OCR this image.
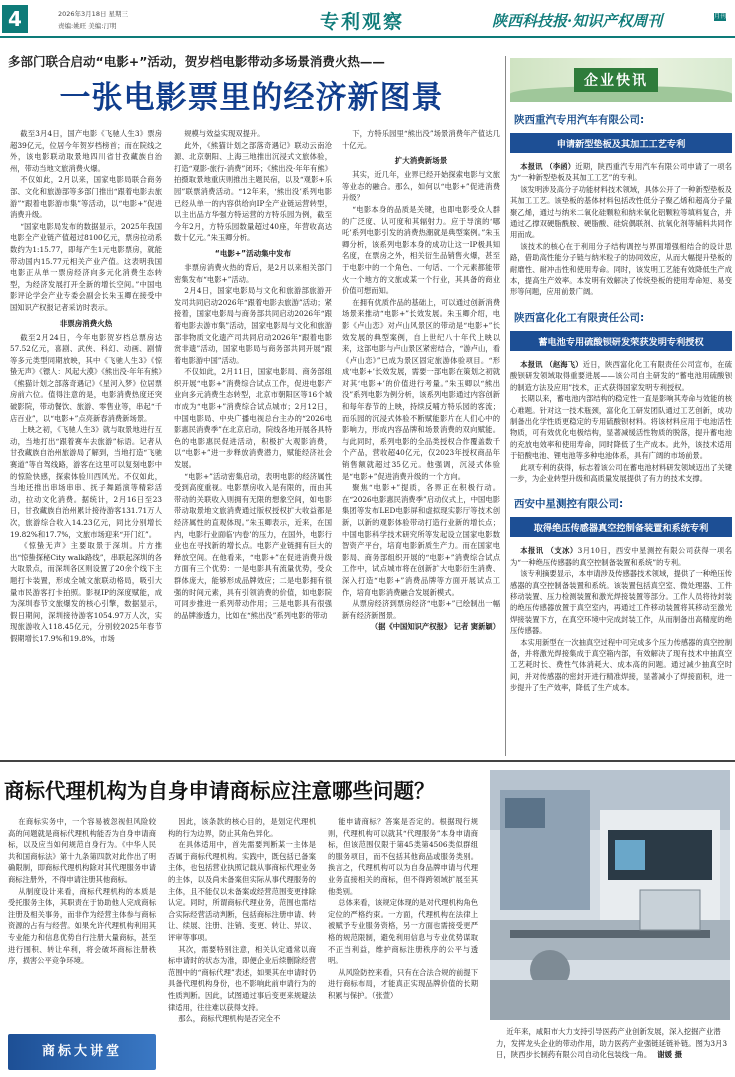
4	2026年3月18日 星期三
责编:姚旺 美编:汀明	专利观察	陕西科技报·知识产权周刊	月刊
多部门联合启动“电影+”活动，贺岁档电影带动多场景消费火热——
一张电影票里的经济新图景

截至3月4日，国产电影《飞驰人生3》票房超39亿元，位居今年贺岁档榜首；而在院线之外，该电影联动取景地四川省甘孜藏族自治州，带动当地文旅消费火爆。

不仅如此，2月以来，国家电影局联合商务部、文化和旅游部等多部门推出“跟着电影去旅游”“跟着电影游市集”等活动，以“电影+”促进消费升级。

“国家电影局发布的数据显示，2025年我国电影全产业链产值超过8100亿元，票房拉动系数约为1:15.77，即每产生1元电影票房，就能带动国内15.77元相关产业产值。这表明我国电影正从单一票房经济向多元化消费生态转型，为经济发展打开全新的增长空间。”中国电影评论学会产业专委会副会长朱玉卿在接受中国知识产权报记者采访时表示。

非票房消费火热

截至2月24日，今年电影贺岁档总票房达57.52亿元，喜剧、武侠、科幻、动画、剧情等多元类型同期放映，其中《飞驰人生3》《惊蛰无声》《镖人：风起大漠》《熊出没·年年有熊》《熊猫计划之部落奇遇记》《星河入梦》位居票房前六位。值得注意的是，电影消费热度还突破影院，带动餐饮、旅游、零售业等，串起“千店百业”，以“电影+”点亮新春消费新场景。

上映之初，《飞驰人生3》就与取景地进行互动，当地打出“跟着赛车去旅游”标语。记者从甘孜藏族自治州旅游局了解到，当地打造“飞驰赛道”等自驾线路，游客在这里可以复刻电影中的惊险快感，探索体验川西风光。不仅如此，当地还推出串场串串、抚子舞蹈演等精彩活动，拉动文化消费。据统计，2月16日至23日，甘孜藏族自治州累计接待游客131.71万人次，旅游综合收入14.23亿元，同比分别增长19.82%和17.7%，文旅市场迎来“开门红”。

《惊蛰无声》主要取景于深圳。片方推出“惊蛰探秘City walk路线”，串联起深圳的各大取景点，而深圳各区则设置了20余个线下主题打卡装置，形成全城文旅联动格局，吸引大量市民游客打卡拍照。影视IP的深度赋能，成为深圳春节文旅爆发的核心引擎，数据显示，假日期间，深圳接待游客1054.97万人次，实现旅游收入118.45亿元，分别较2025年春节假期增长17.9%和19.8%，市场

规模与效益实现双提升。

此外，《熊猫计划之部落奇遇记》联动云南沧源、北京朝阳、上海三地推出沉浸式文旅体验，打造“观影-旅行-消费”闭环；《熊出没·年年有熊》拍摄取景地重庆则推出主题民宿，以及“观影+乐园”联票消费活动。“12年来，‘熊出没’系列电影已经从单一的内容供给向IP全产业链运营转型，以主出品方华强方特运营的方特乐园为例，截至今年2月，方特乐园数量超过40座，年营收高达数十亿元。”朱玉卿分析。

“电影+”活动集中发布

非票房消费火热的背后，是2月以来相关部门密集发布“电影+”活动。

2月4日，国家电影局与文化和旅游部旅游开发司共同启动2026年“跟着电影去旅游”活动；紧接着，国家电影局与商务部共同启动2026年“跟着电影去游市集”活动，国家电影局与文化和旅游部非物质文化遗产司共同启动2026年“跟着电影赏非遗”活动，国家电影局与商务部共同开展“跟着电影游中国”活动。

不仅如此，2月11日，国家电影局、商务部组织开展“电影+”消费综合试点工作，促进电影产业向多元消费生态转型，北京市朝阳区等16个城市成为“电影+”消费综合试点城市；2月12日，中国电影局、中央广播电视总台主办的“2026电影惠民消费季”在北京启动，院线各地开展各具特色的电影惠民促进活动，积极扩大观影消费，以“电影+”进一步释放消费潜力，赋能经济社会发展。

“电影+”活动密集启动，表明电影的经济属性受到高度重视。电影票房收入是有限的，而由其带动的关联收入则拥有无限的想象空间，如电影带动取景地文旅消费通过版权授权扩大收益都是经济属性的直观体现。”朱玉卿表示，近来，在国内，电影行业面临‘内卷’的压力，在国外，电影行业也在寻找新的增长点。电影产业链拥有巨大的释放空间。在他看来，“电影+”在促进消费升级方面有三个优势：一是电影具有流量优势，受众群体庞大，能够形成品牌效应；二是电影拥有很强的时间元素，具有引领消费的价值，如电影院可同步推进一系列带动作用；三是电影具有很强的品牌渗透力，比如在“熊出没”系列电影的带动

下，方特乐园里“熊出没”场景消费年产值达几十亿元。

扩大消费新场景

其实，近几年，业界已经开始探索电影与文旅等业态的融合。那么，如何以“电影+”促进消费升级？

“电影本身的品质是关键，也即电影受众人群的广泛度、认可度和其辐射力。应于导演的‘哪吒’系列电影引发的消费热潮就是典型案例。”朱玉卿分析，该系列电影本身的成功让这一IP极具知名度，在票房之外，相关衍生品销售火爆，甚至于电影中的一个角色、一句话、一个元素都能带火一个地方的文旅或某一个行业，其具备的商业价值可想而知。

在拥有优质作品的基础上，可以通过创新消费场景来推动“电影+”长效发展。朱玉卿介绍，电影《卢山恋》对卢山风景区的带动是“电影+”长效发展的典型案例，自上世纪八十年代上映以来，这部电影与卢山景区紧密结合，“游卢山，看《卢山恋》”已成为景区固定旅游体验项目。“形成‘电影+’长效发展，需要一部电影在策划之初就对其‘电影+’的价值进行考量。”朱玉卿以“熊出没”系列电影为例分析，该系列电影通过内容创新和每年春节的上映，持续反哺方特乐园的客流；而乐园的沉浸式体验不断赋能影片在人们心中的影响力，形成内容品牌和场景消费的双向赋能。与此同时，系列电影的全品类授权合作覆盖数千个产品，营收超40亿元，仅2023年授权商品年销售额就超过35亿元。他强调，沉浸式体验是“电影+”促进消费升级的一个方向。

聚焦“电影+”提质，各界正在积极行动。在“2026电影惠民消费季”启动仪式上，中国电影集团等发布LED电影屏和虚拟现实影厅等技术创新，以新的观影体验带动打造行业新的增长点；中国电影科学技术研究所等发起设立国家电影数智资产平台，培育电影新质生产力。而在国家电影局、商务部组织开展的“电影+”消费综合试点工作中，试点城市将在创新扩大电影衍生消费、深入打造“电影+”消费品牌等方面开展试点工作，培育电影消费融合发展新模式。

从票房经济到票房经济“电影+”已绘制出一幅新有经济新图景。

（据《中国知识产权报》 记者 窦新颖）

企业快讯
陕西重汽专用汽车有限公司:
申请新型垫板及其加工工艺专利

本报讯 （李函）近期，陕西重汽专用汽车有限公司申请了一项名为“一种新型垫板及其加工工艺”的专利。

该发明涉及高分子功能材料技术领域，具体公开了一种新型垫板及其加工工艺。该垫板的基体材料包括改性低分子聚乙烯和超高分子量聚乙烯，通过与纳米二氧化硅颗粒和纳米氧化铝颗粒等填料复合，并通过乙撑双硬脂酰胺、硬脂酸、硅烷偶联剂、抗氧化剂等辅料共同作用而成。

该技术的核心在于利用分子结构调控与界面增强相结合的设计思路，借助高性能分子链与纳米粒子的协同效应，从而大幅提升垫板的耐磨性、耐冲击性和使用寿命。同时，该发明工艺能有效降低生产成本，提高生产效率。本发明有效解决了传统垫板的使用寿命短、易变形等问题，应用前景广阔。

陕西富化化工有限责任公司:
蓄电池专用硫酸钡研发荣获发明专利授权

本报讯 （赵海飞）近日，陕西富化化工有限责任公司宣布，在硫酸钡研发领域取得重要进展——该公司自主研发的“蓄电池用硫酸钡的制造方法及应用”技术，正式获得国家发明专利授权。

长期以来，蓄电池内部结构的稳定性一直是影响其寿命与效能的核心难题。针对这一技术瓶颈，富化化工研发团队通过工艺创新，成功制备出化学性质更稳定的专用硫酸钡材料。将该材料应用于电池活性物质，可有效优化电极结构，显著减缓活性物质的脱落，提升蓄电池的充放电效率和使用寿命，同时降低了生产成本。此外，该技术适用于铅酸电池、锂电池等多种电池体系，具有广阔的市场前景。

此项专利的获得，标志着该公司在蓄电池材料研发领域迈出了关键一步，为企业转型升级和高质量发展提供了有力的技术支撑。

西安中星测控有限公司:
取得绝压传感器真空控制备装置和系统专利

本报讯 （支冰）3月10日，西安中星测控有限公司获得一项名为“一种绝压传感器的真空控制备装置和系统”的专利。

该专利摘要显示，本申请涉及传感器技术领域，提供了一种绝压传感器的真空控制备装置和系统。该装置包括真空室、微处理器、工件移动装置、压力检测装置和激光焊接装置等部分。工作人员将待封装的绝压传感器放置于真空室内，再通过工件移动装置将其移动至激光焊接装置下方，在真空环境中完成封装工作，从而制备出高精度的绝压传感器。

本实用新型在一次抽真空过程中可完成多个压力传感器的真空控制备，并将激光焊接集成于真空箱内部，有效解决了现有技术中抽真空工艺耗时长、费性气体消耗大、成本高的问题。通过减少抽真空时间，并对传感器的密封开进行精准焊接，显著减小了焊接面积，进一步提升了生产效率，降低了生产成本。

商标代理机构为自身申请商标应注意哪些问题？

在商标实务中，一个容易被忽视但风险较高的问题就是商标代理机构能否为自身申请商标，以及应当如何规范自身行为。《中华人民共和国商标法》第十九条第四款对此作出了明确限制，即商标代理机构除对其代理服务申请商标注册外，不得申请注册其他商标。

从制度设计来看，商标代理机构的本质是受托服务主体，其职责在于协助他人完成商标注册及相关事务，而非作为经营主体参与商标资源的占有与经营。如果允许代理机构利用其专业能力和信息优势自行注册大量商标，甚至进行囤积、转让牟利，将会破坏商标注册秩序，损害公平竞争环境。

商标大讲堂

因此，该条款的核心目的，是划定代理机构的行为边界，防止其角色异化。

在具体适用中，首先需要判断某一主体是否属于商标代理机构。实践中，既包括已备案主体，也包括营业执照记载从事商标代理业务的主体，以及尚未备案但实际从事代理服务的主体，且不能仅以未备案或经营范围变更排除认定。同时，所谓商标代理业务，范围也需结合实际经营活动判断，包括商标注册申请、转让、续展、注册、注销、变更、转让、异议、评审等事项。

其次，需要特别注意，相关认定通常以商标申请时的状态为准，即便企业后续删除经营范围中的“商标代理”表述，如果其在申请时仍具备代理机构身份，也不影响此前申请行为的性质判断。因此，试图通过事后变更来规避法律适用，往往难以获得支持。

那么，商标代理机构是否完全不

能申请商标？答案是否定的。根据现行规则，代理机构可以就其“代理服务”本身申请商标，但该范围仅限于第45类第4506类似群组的服务项目，而不包括其他商品或服务类别。换言之，代理机构可以为自身品牌申请与代理业务直接相关的商标，但不得跨领域扩展至其他类别。

总体来看，该规定体现的是对代理机构角色定位的严格约束。一方面，代理机构在法律上被赋予专业服务资格，另一方面也需接受更严格的规范限制，避免利用信息与专业优势谋取不正当利益，维护商标注册秩序的公平与透明。

从风险防控来看，只有在合法合规的前提下进行商标布局，才能真正实现品牌价值的长期积累与保护。（张萱）

近年来，咸阳市大力支持引导医药产业创新发展，深入挖掘产业潜力，发挥龙头企业的带动作用，助力医药产业强链延链补链。图为3月3日，陕西步长制药有限公司自动化包装线一角。 谢媛 摄
